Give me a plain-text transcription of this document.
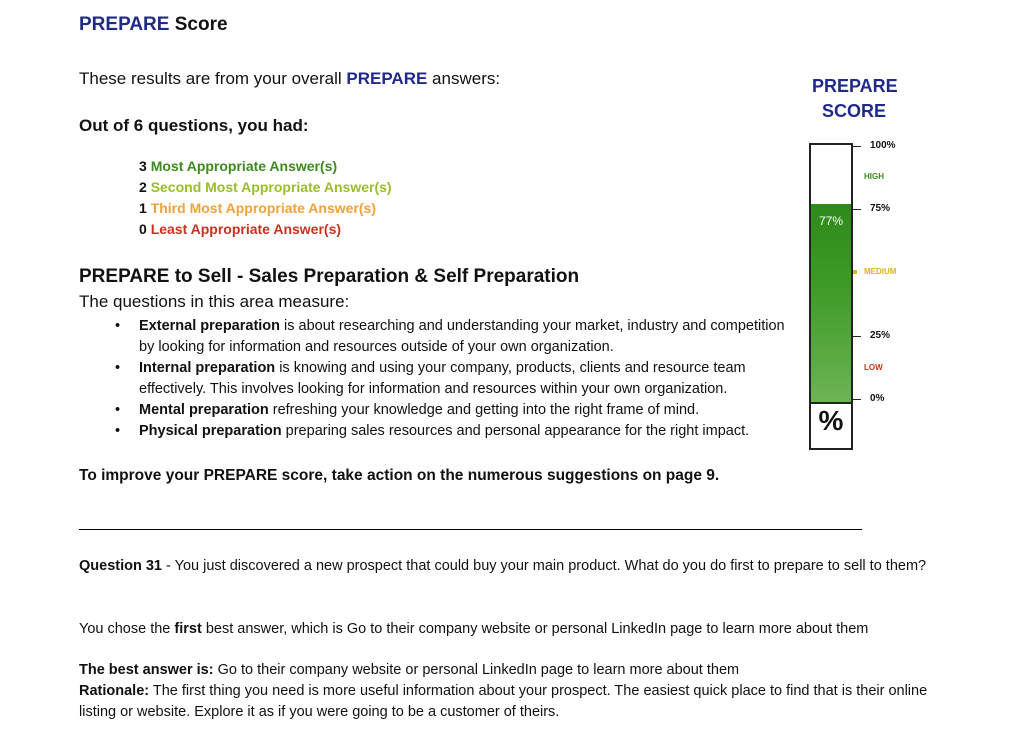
PREPARE Score
These results are from your overall PREPARE answers:
Out of 6 questions, you had:
3 Most Appropriate Answer(s)
2 Second Most Appropriate Answer(s)
1 Third Most Appropriate Answer(s)
0 Least Appropriate Answer(s)
PREPARE to Sell - Sales Preparation & Self Preparation
The questions in this area measure:
• External preparation is about researching and understanding your market, industry and competition by looking for information and resources outside of your own organization.
• Internal preparation is knowing and using your company, products, clients and resource team effectively. This involves looking for information and resources within your own organization.
• Mental preparation refreshing your knowledge and getting into the right frame of mind.
• Physical preparation preparing sales resources and personal appearance for the right impact.
To improve your PREPARE score, take action on the numerous suggestions on page 9.
Question 31 - You just discovered a new prospect that could buy your main product. What do you do first to prepare to sell to them?
You chose the first best answer, which is Go to their company website or personal LinkedIn page to learn more about them
The best answer is: Go to their company website or personal LinkedIn page to learn more about them
Rationale: The first thing you need is more useful information about your prospect. The easiest quick place to find that is their online listing or website. Explore it as if you were going to be a customer of theirs.
PREPARE
SCORE
77%
%
100%
75%
25%
0%
HIGH
MEDIUM
LOW
